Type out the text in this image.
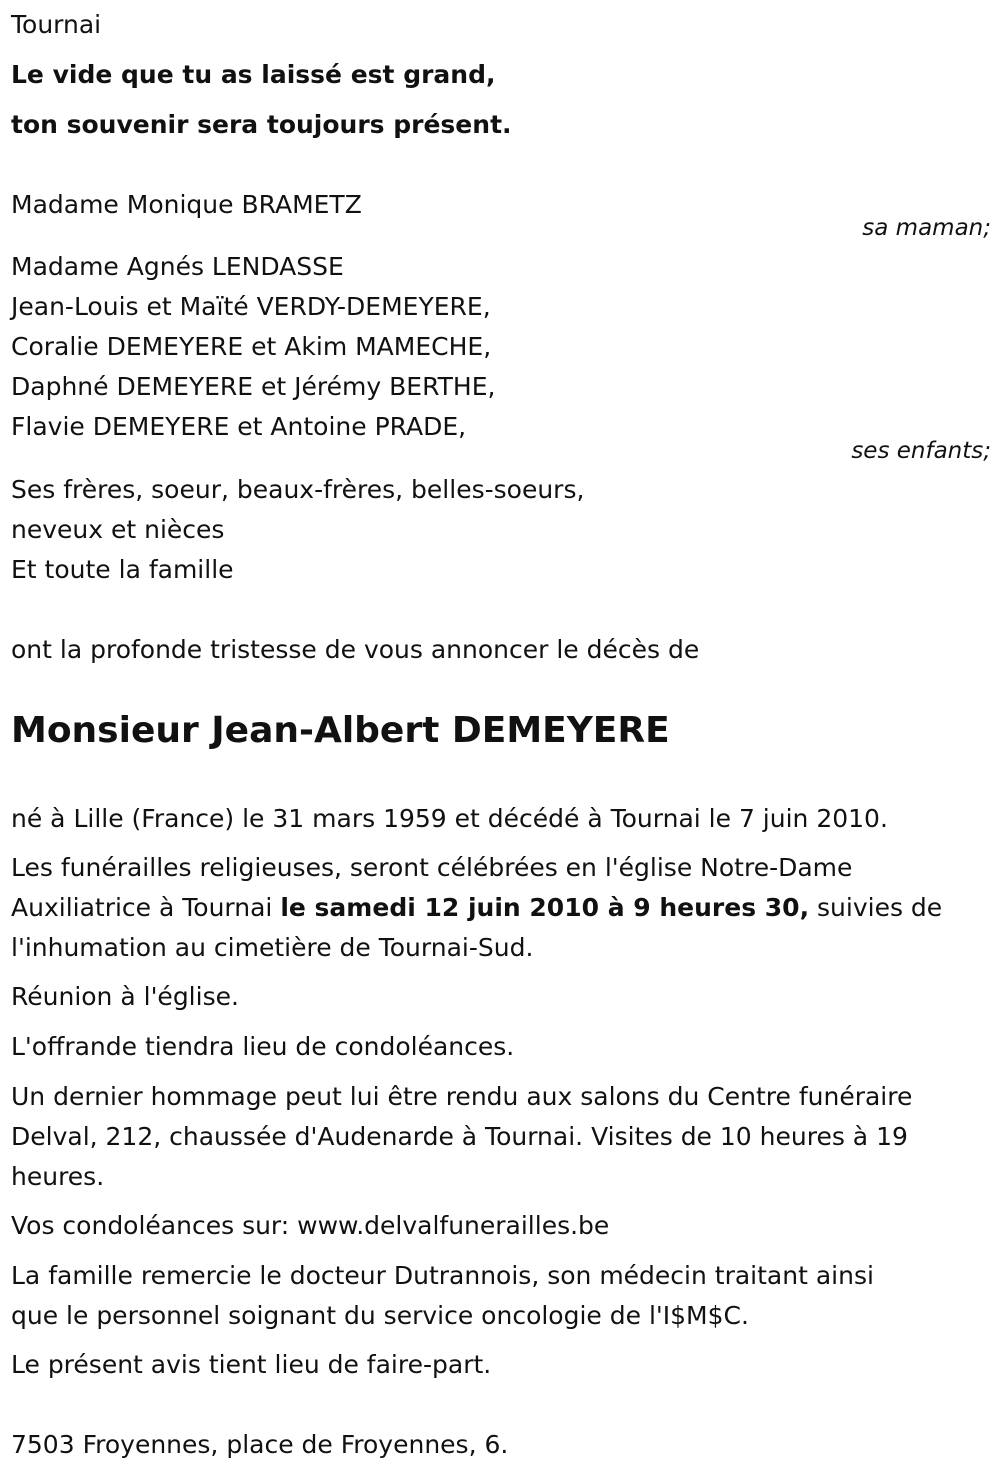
Tournai
Le vide que tu as laissé est grand,
ton souvenir sera toujours présent.
Madame Monique BRAMETZ
sa maman;
Madame Agnés LENDASSE
Jean-Louis et Maïté VERDY-DEMEYERE,
Coralie DEMEYERE et Akim MAMECHE,
Daphné DEMEYERE et Jérémy BERTHE,
Flavie DEMEYERE et Antoine PRADE,
ses enfants;
Ses frères, soeur, beaux-frères, belles-soeurs,
neveux et nièces
Et toute la famille
ont la profonde tristesse de vous annoncer le décès de
Monsieur Jean-Albert DEMEYERE
né à Lille (France) le 31 mars 1959 et décédé à Tournai le 7 juin 2010.
Les funérailles religieuses, seront célébrées en l'église Notre-Dame
Auxiliatrice à Tournai le samedi 12 juin 2010 à 9 heures 30, suivies de
l'inhumation au cimetière de Tournai-Sud.
Réunion à l'église.
L'offrande tiendra lieu de condoléances.
Un dernier hommage peut lui être rendu aux salons du Centre funéraire
Delval, 212, chaussée d'Audenarde à Tournai. Visites de 10 heures à 19
heures.
Vos condoléances sur: www.delvalfunerailles.be
La famille remercie le docteur Dutrannois, son médecin traitant ainsi
que le personnel soignant du service oncologie de l'I$M$C.
Le présent avis tient lieu de faire-part.
7503 Froyennes, place de Froyennes, 6.
